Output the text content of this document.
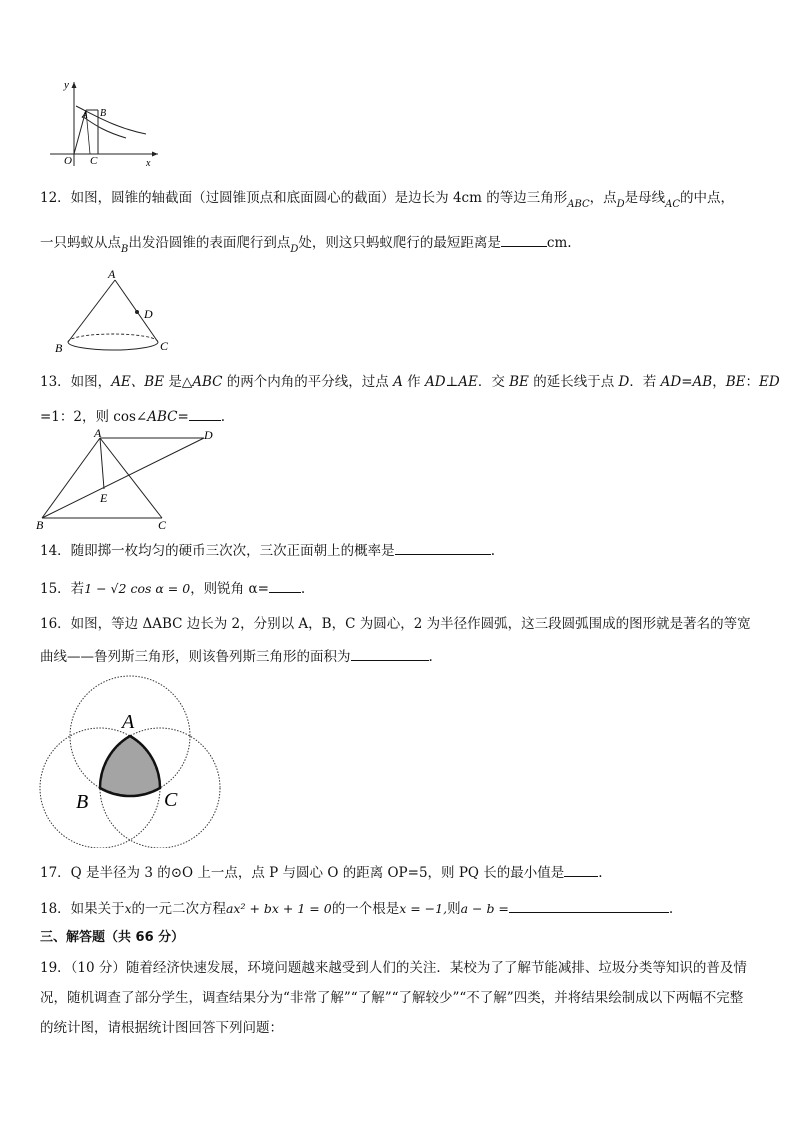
y
x
O
A B
C
12．如图，圆锥的轴截面（过圆锥顶点和底面圆心的截面）是边长为 4cm 的等边三角形$_{ABC}$，点$_D$是母线$_{AC}$的中点，
一只蚂蚁从点$_B$出发沿圆锥的表面爬行到点$_D$处，则这只蚂蚁爬行的最短距离是	cm.
A
D
B	C
13．如图，AE、BE 是△ABC 的两个内角的平分线，过点 A 作 AD⊥AE．交 BE 的延长线于点 D．若 AD=AB，BE：ED
=1：2，则 cos∠ABC= .
A	D
E
B	C
14．随即掷一枚均匀的硬币三次次，三次正面朝上的概率是	.
15．若1 − √2 cos α = 0，则锐角 α= .
16．如图，等边 ΔABC 边长为 2，分别以 A，B，C 为圆心，2 为半径作圆弧，这三段圆弧围成的图形就是著名的等宽
曲线——鲁列斯三角形，则该鲁列斯三角形的面积为	.
A
B	C
17．Q 是半径为 3 的⊙O 上一点，点 P 与圆心 O 的距离 OP=5，则 PQ 长的最小值是	.
18．如果关于x的一元二次方程ax² + bx + 1 = 0的一个根是x = −1,则a − b =	.
三、解答题（共 66 分）
19．（10 分）随着经济快速发展，环境问题越来越受到人们的关注．某校为了了解节能减排、垃圾分类等知识的普及情
况，随机调查了部分学生，调查结果分为“非常了解”“了解”“了解较少”“不了解”四类，并将结果绘制成以下两幅不完整
的统计图，请根据统计图回答下列问题：
